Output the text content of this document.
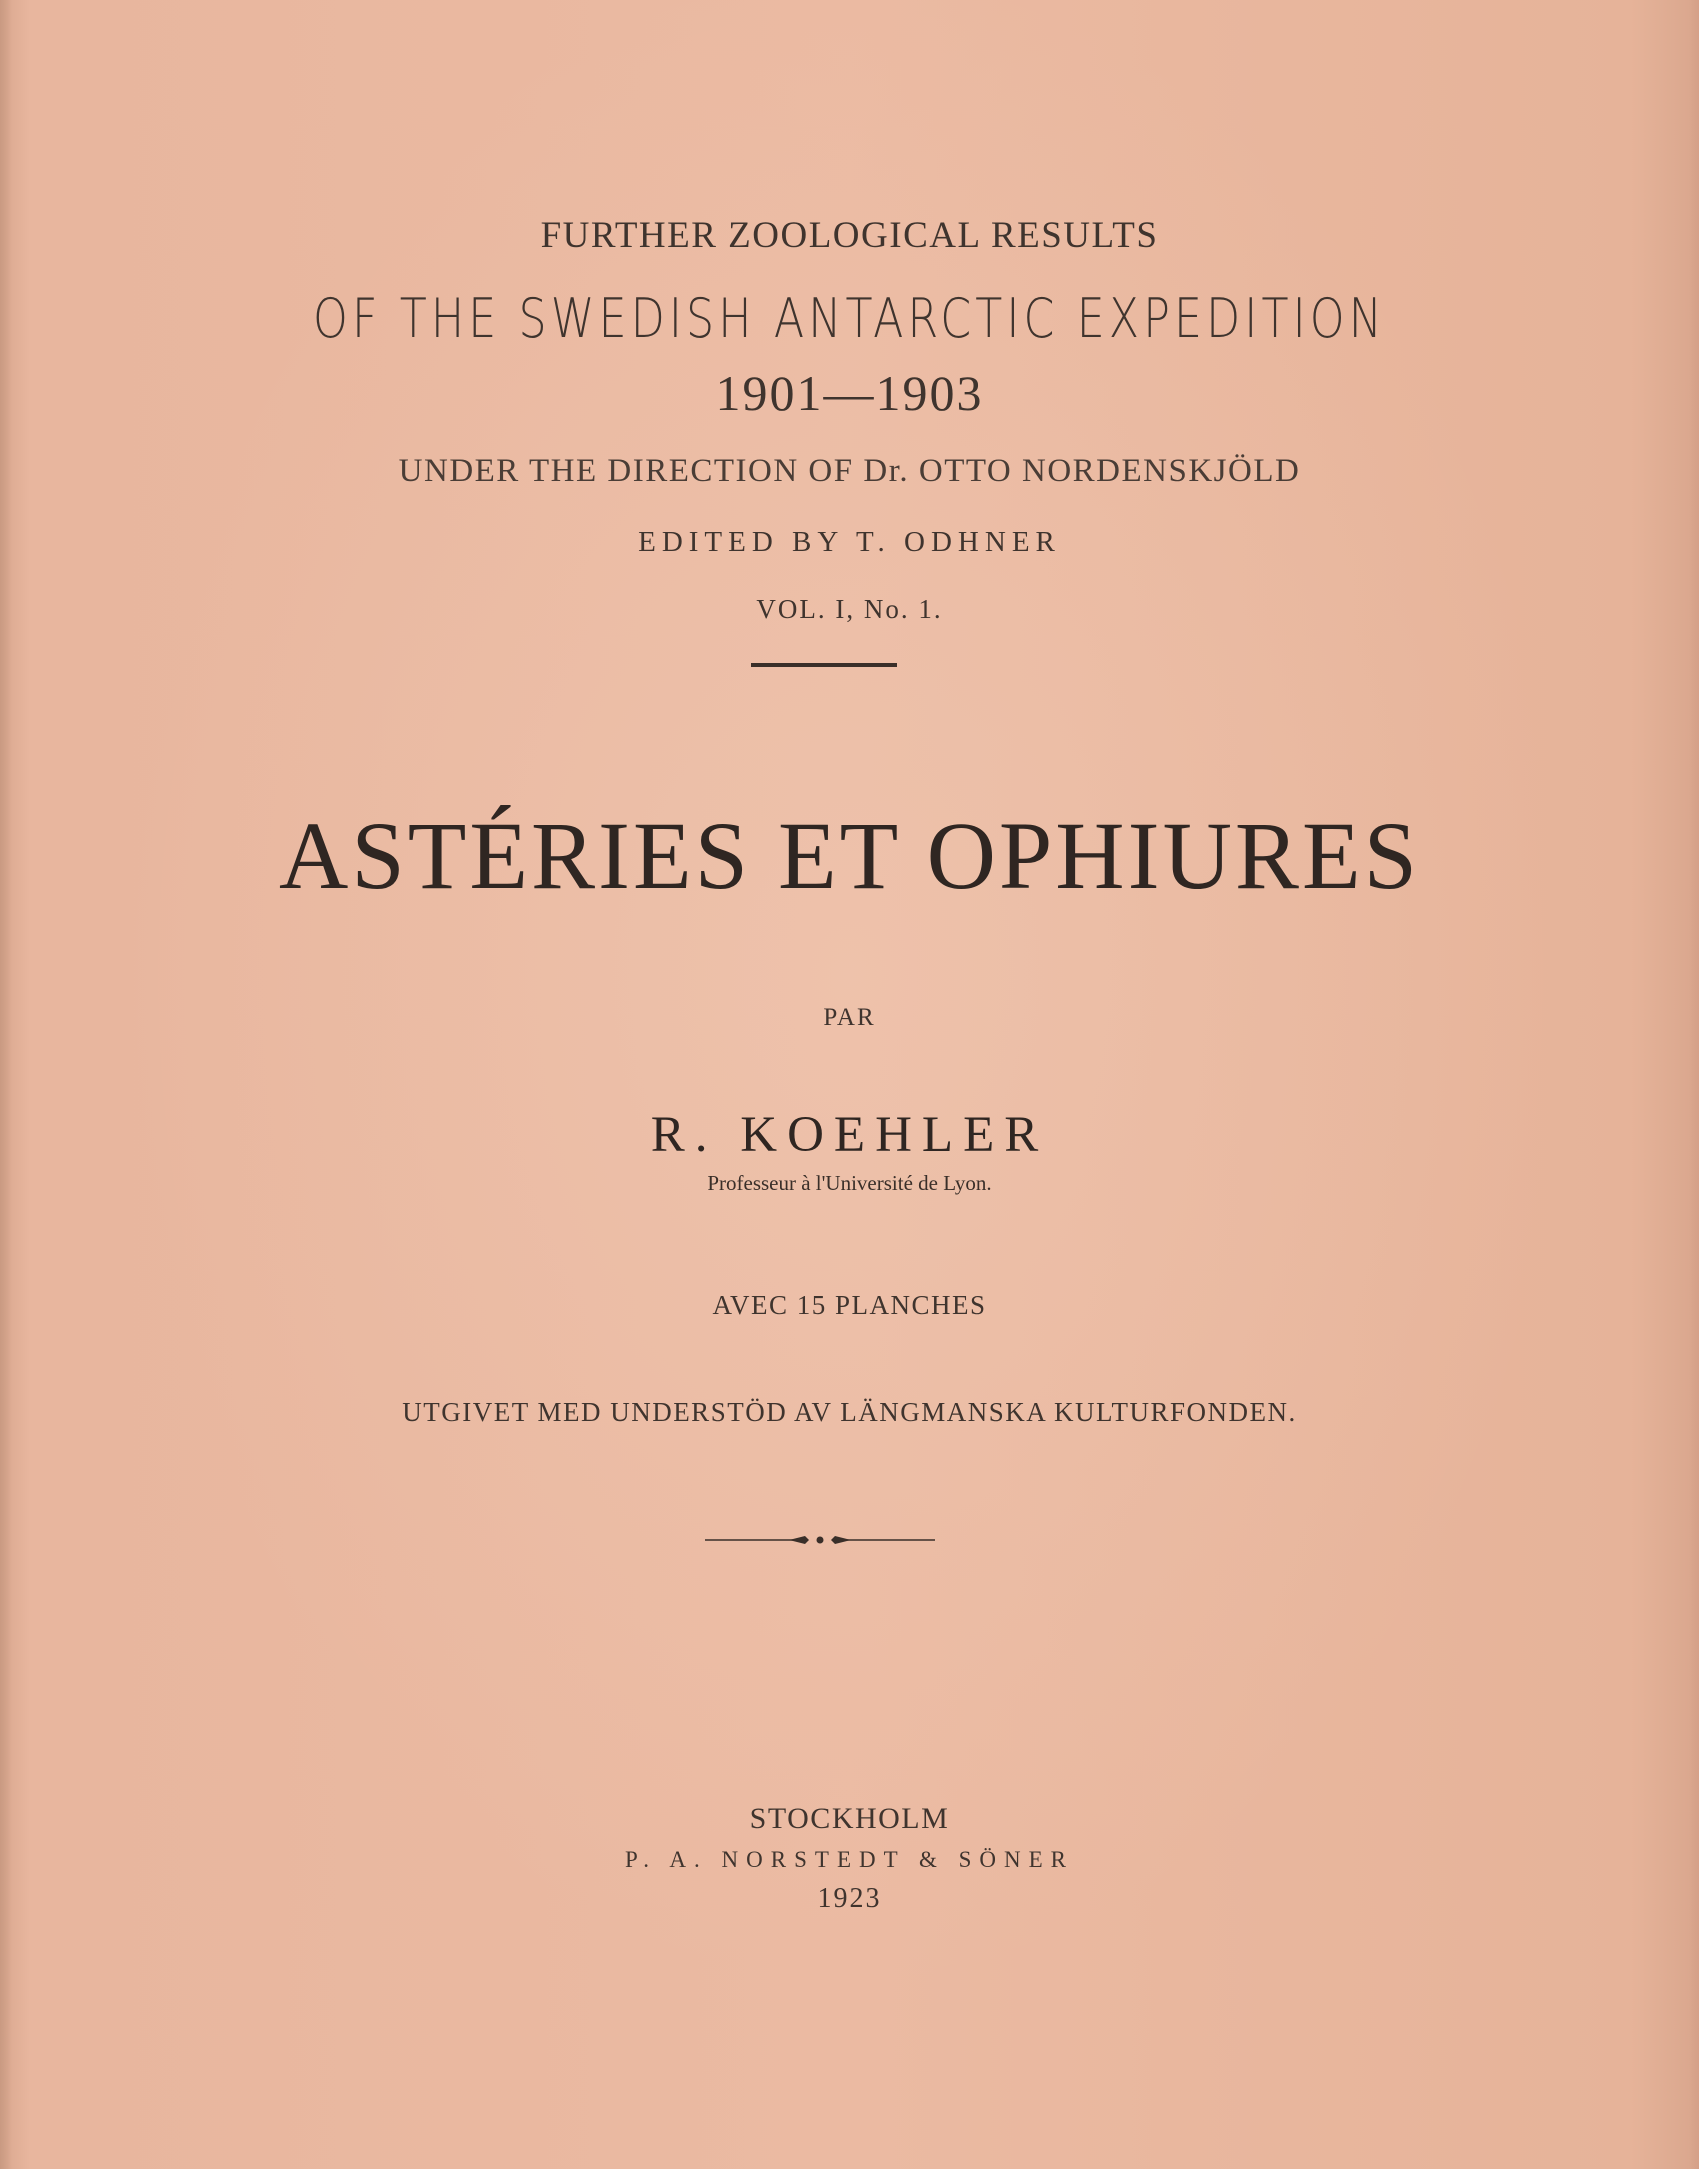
FURTHER ZOOLOGICAL RESULTS
OF THE SWEDISH ANTARCTIC EXPEDITION
1901—1903
UNDER THE DIRECTION OF Dr. OTTO NORDENSKJÖLD
EDITED BY T. ODHNER
VOL. I, No. 1.
ASTÉRIES ET OPHIURES
PAR
R. KOEHLER
Professeur à l'Université de Lyon.
AVEC 15 PLANCHES
UTGIVET MED UNDERSTÖD AV LÄNGMANSKA KULTURFONDEN.
STOCKHOLM
P. A. NORSTEDT & SÖNER
1923
